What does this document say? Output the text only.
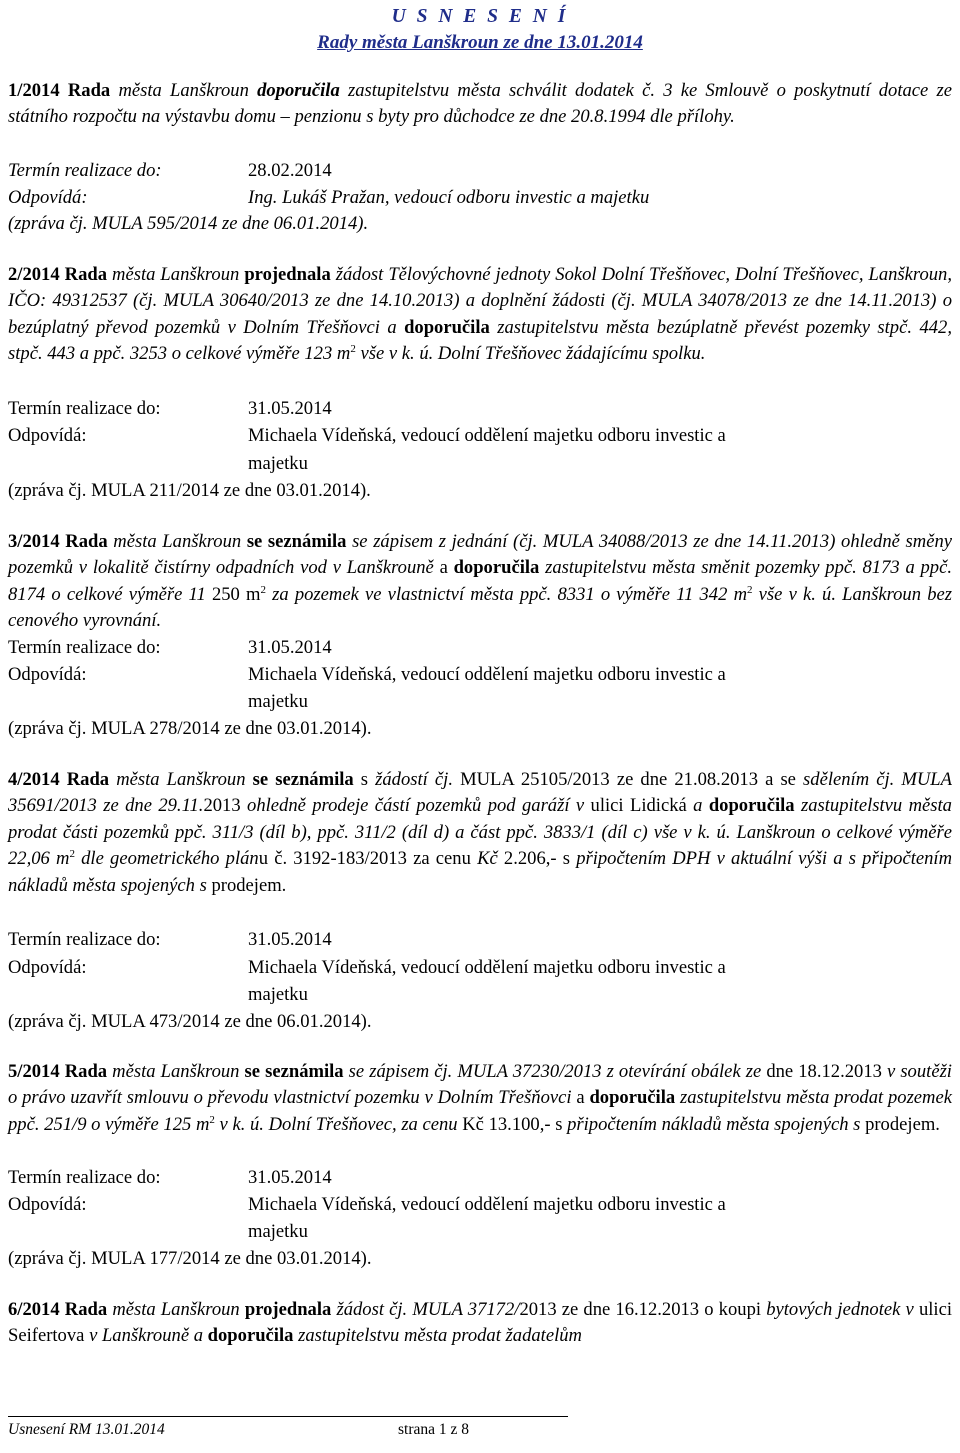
U S N E S E N Í
Rady města Lanškroun ze dne 13.01.2014
1/2014 Rada města Lanškroun doporučila zastupitelstvu města schválit dodatek č. 3 ke Smlouvě o poskytnutí dotace ze státního rozpočtu na výstavbu domu – penzionu s byty pro důchodce ze dne 20.8.1994 dle přílohy.
Termín realizace do:	28.02.2014
Odpovídá:	Ing. Lukáš Pražan, vedoucí odboru investic a majetku
(zpráva čj. MULA 595/2014 ze dne 06.01.2014).
2/2014 Rada města Lanškroun projednala žádost Tělovýchovné jednoty Sokol Dolní Třešňovec, Dolní Třešňovec, Lanškroun, IČO: 49312537 (čj. MULA 30640/2013 ze dne 14.10.2013) a doplnění žádosti (čj. MULA 34078/2013 ze dne 14.11.2013) o bezúplatný převod pozemků v Dolním Třešňovci a doporučila zastupitelstvu města bezúplatně převést pozemky stpč. 442, stpč. 443 a ppč. 3253 o celkové výměře 123 $m^2$ vše v k. ú. Dolní Třešňovec žádajícímu spolku.
Termín realizace do:	31.05.2014
Odpovídá:	Michaela Vídeňská, vedoucí oddělení majetku odboru investic a
majetku
(zpráva čj. MULA 211/2014 ze dne 03.01.2014).
3/2014 Rada města Lanškroun se seznámila se zápisem z jednání (čj. MULA 34088/2013 ze dne 14.11.2013) ohledně směny pozemků v lokalitě čistírny odpadních vod v Lanškrouně a doporučila zastupitelstvu města směnit pozemky ppč. 8173 a ppč. 8174 o celkové výměře 11 250 $m^2$ za pozemek ve vlastnictví města ppč. 8331 o výměře 11 342 $m^2$ vše v k. ú. Lanškroun bez cenového vyrovnání.
Termín realizace do:	31.05.2014
Odpovídá:	Michaela Vídeňská, vedoucí oddělení majetku odboru investic a
majetku
(zpráva čj. MULA 278/2014 ze dne 03.01.2014).
4/2014 Rada města Lanškroun se seznámila s žádostí čj. MULA 25105/2013 ze dne 21.08.2013 a se sdělením čj. MULA 35691/2013 ze dne 29.11.2013 ohledně prodeje částí pozemků pod garáží v ulici Lidická a doporučila zastupitelstvu města prodat části pozemků ppč. 311/3 (díl b), ppč. 311/2 (díl d) a část ppč. 3833/1 (díl c) vše v k. ú. Lanškroun o celkové výměře 22,06 $m^2$ dle geometrického plánu č. 3192-183/2013 za cenu Kč 2.206,- s připočtením DPH v aktuální výši a s připočtením nákladů města spojených s prodejem.
Termín realizace do:	31.05.2014
Odpovídá:	Michaela Vídeňská, vedoucí oddělení majetku odboru investic a
majetku
(zpráva čj. MULA 473/2014 ze dne 06.01.2014).
5/2014 Rada města Lanškroun se seznámila se zápisem čj. MULA 37230/2013 z otevírání obálek ze dne 18.12.2013 v soutěži o právo uzavřít smlouvu o převodu vlastnictví pozemku v Dolním Třešňovci a doporučila zastupitelstvu města prodat pozemek ppč. 251/9 o výměře 125 $m^2$ v k. ú. Dolní Třešňovec, za cenu Kč 13.100,- s připočtením nákladů města spojených s prodejem.
Termín realizace do:	31.05.2014
Odpovídá:	Michaela Vídeňská, vedoucí oddělení majetku odboru investic a
majetku
(zpráva čj. MULA 177/2014 ze dne 03.01.2014).
6/2014 Rada města Lanškroun projednala žádost čj. MULA 37172/2013 ze dne 16.12.2013 o koupi bytových jednotek v ulici Seifertova v Lanškrouně a doporučila zastupitelstvu města prodat žadatelům
Usnesení RM 13.01.2014	strana 1 z 8
